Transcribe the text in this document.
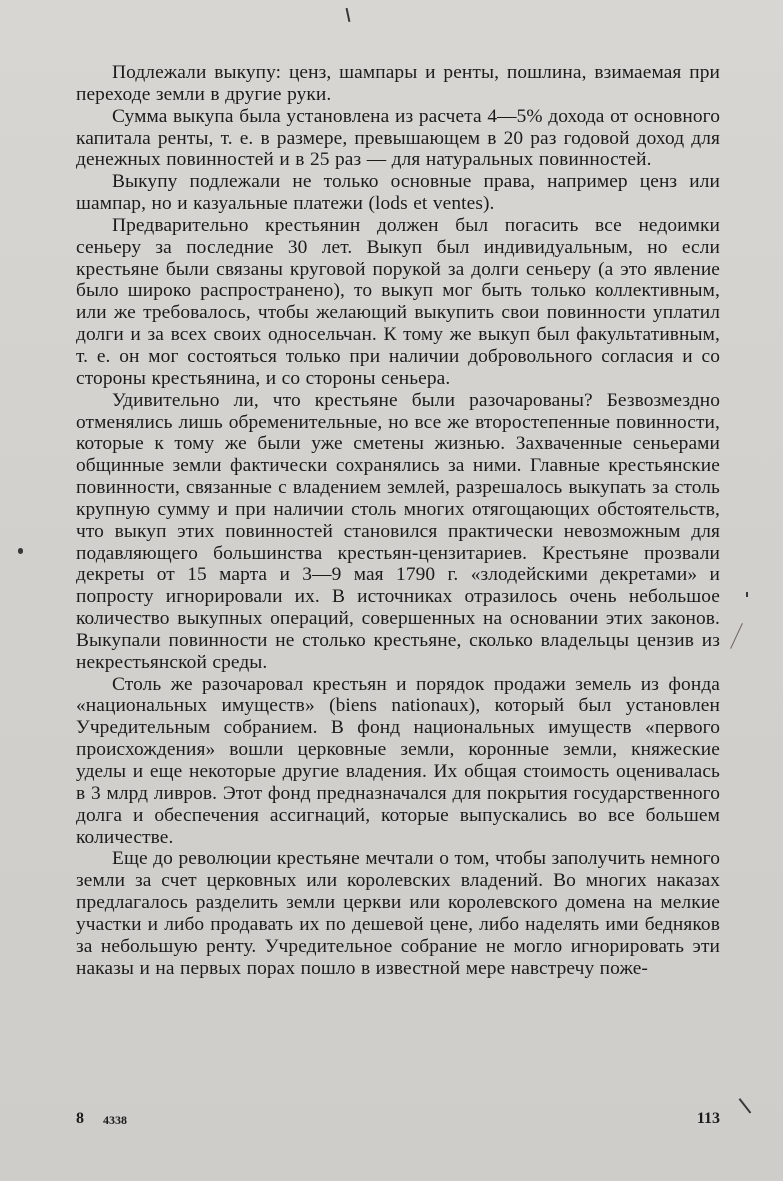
Подлежали выкупу: ценз, шампары и ренты, пошлина, взимаемая при переходе земли в другие руки.

Сумма выкупа была установлена из расчета 4—5% дохода от основного капитала ренты, т. е. в размере, превышающем в 20 раз годовой доход для денежных повинностей и в 25 раз — для натуральных повинностей.

Выкупу подлежали не только основные права, например ценз или шампар, но и казуальные платежи (lods et ventes).

Предварительно крестьянин должен был погасить все недоимки сеньеру за последние 30 лет. Выкуп был индивидуальным, но если крестьяне были связаны круговой порукой за долги сеньеру (а это явление было широко распространено), то выкуп мог быть только коллективным, или же требовалось, чтобы желающий выкупить свои повинности уплатил долги и за всех своих односельчан. К тому же выкуп был факультативным, т. е. он мог состояться только при наличии добровольного согласия и со стороны крестьянина, и со стороны сеньера.

Удивительно ли, что крестьяне были разочарованы? Безвозмездно отменялись лишь обременительные, но все же второстепенные повинности, которые к тому же были уже сметены жизнью. Захваченные сеньерами общинные земли фактически сохранялись за ними. Главные крестьянские повинности, связанные с владением землей, разрешалось выкупать за столь крупную сумму и при наличии столь многих отягощающих обстоятельств, что выкуп этих повинностей становился практически невозможным для подавляющего большинства крестьян-цензитариев. Крестьяне прозвали декреты от 15 марта и 3—9 мая 1790 г. «злодейскими декретами» и попросту игнорировали их. В источниках отразилось очень небольшое количество выкупных операций, совершенных на основании этих законов. Выкупали повинности не столько крестьяне, сколько владельцы цензив из некрестьянской среды.

Столь же разочаровал крестьян и порядок продажи земель из фонда «национальных имуществ» (biens nationaux), который был установлен Учредительным собранием. В фонд национальных имуществ «первого происхождения» вошли церковные земли, коронные земли, княжеские уделы и еще некоторые другие владения. Их общая стоимость оценивалась в 3 млрд ливров. Этот фонд предназначался для покрытия государственного долга и обеспечения ассигнаций, которые выпускались во все большем количестве.

Еще до революции крестьяне мечтали о том, чтобы заполучить немного земли за счет церковных или королевских владений. Во многих наказах предлагалось разделить земли церкви или королевского домена на мелкие участки и либо продавать их по дешевой цене, либо наделять ими бедняков за небольшую ренту. Учредительное собрание не могло игнорировать эти наказы и на первых порах пошло в известной мере навстречу поже-

8 4338	113
